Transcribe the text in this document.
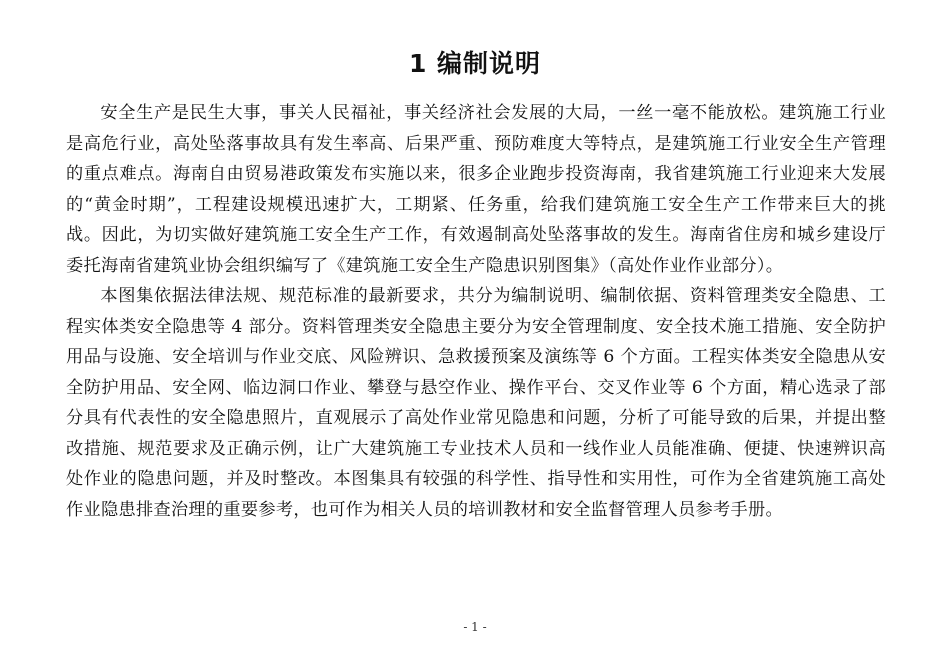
1 编制说明

安全生产是民生大事，事关人民福祉，事关经济社会发展的大局，一丝一毫不能放松。建筑施工行业是高危行业，高处坠落事故具有发生率高、后果严重、预防难度大等特点，是建筑施工行业安全生产管理的重点难点。海南自由贸易港政策发布实施以来，很多企业跑步投资海南，我省建筑施工行业迎来大发展的“黄金时期”，工程建设规模迅速扩大，工期紧、任务重，给我们建筑施工安全生产工作带来巨大的挑战。因此，为切实做好建筑施工安全生产工作，有效遏制高处坠落事故的发生。海南省住房和城乡建设厅委托海南省建筑业协会组织编写了《建筑施工安全生产隐患识别图集》（高处作业作业部分）。

本图集依据法律法规、规范标准的最新要求，共分为编制说明、编制依据、资料管理类安全隐患、工程实体类安全隐患等 4 部分。资料管理类安全隐患主要分为安全管理制度、安全技术施工措施、安全防护用品与设施、安全培训与作业交底、风险辨识、急救援预案及演练等 6 个方面。工程实体类安全隐患从安全防护用品、安全网、临边洞口作业、攀登与悬空作业、操作平台、交叉作业等 6 个方面，精心选录了部分具有代表性的安全隐患照片，直观展示了高处作业常见隐患和问题，分析了可能导致的后果，并提出整改措施、规范要求及正确示例，让广大建筑施工专业技术人员和一线作业人员能准确、便捷、快速辨识高处作业的隐患问题，并及时整改。本图集具有较强的科学性、指导性和实用性，可作为全省建筑施工高处作业隐患排查治理的重要参考，也可作为相关人员的培训教材和安全监督管理人员参考手册。

- 1 -
